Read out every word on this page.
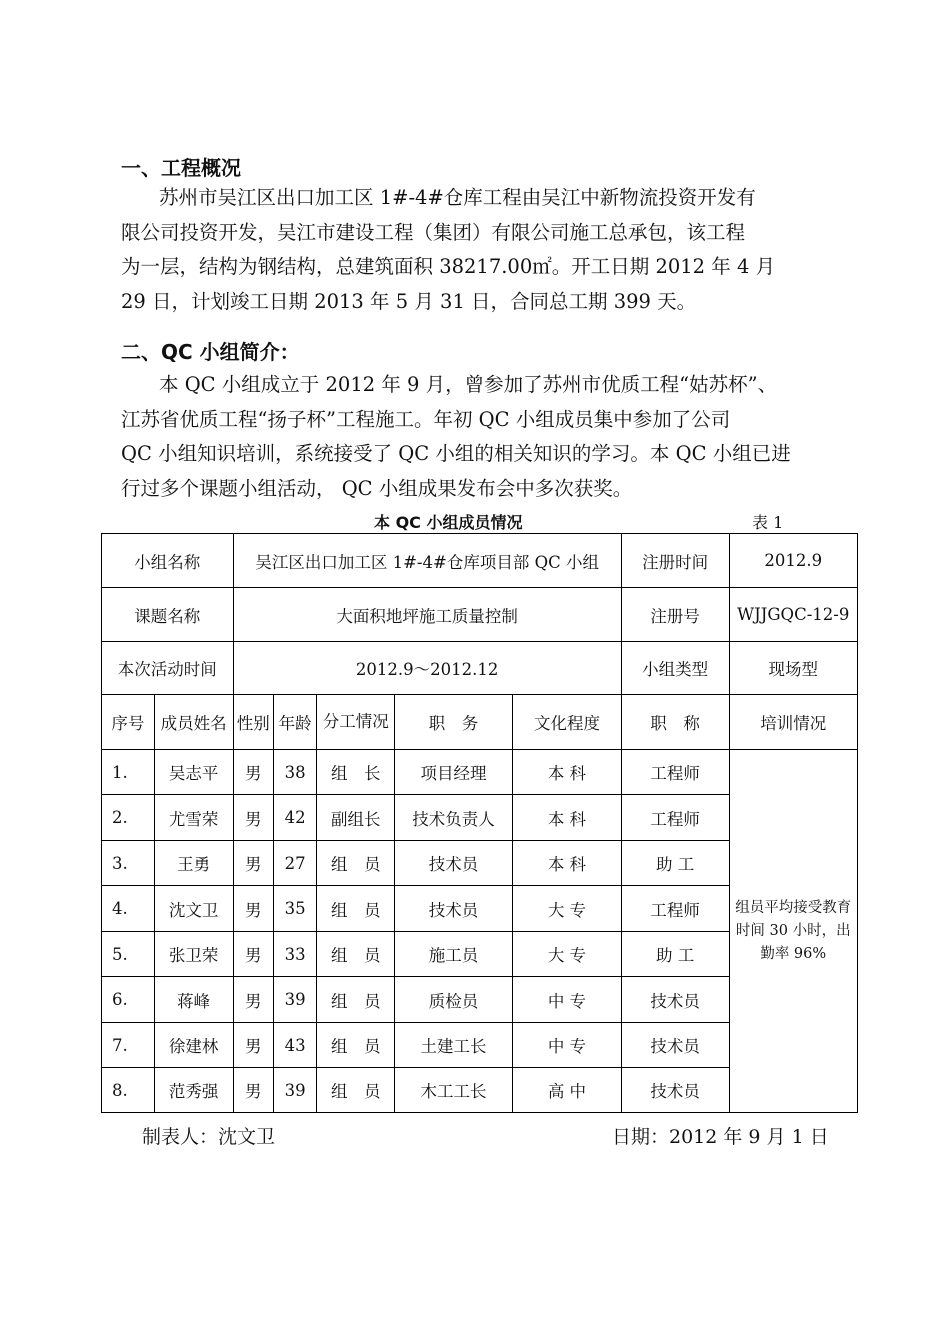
一、工程概况
苏州市吴江区出口加工区 1#-4#仓库工程由吴江中新物流投资开发有
限公司投资开发，吴江市建设工程（集团）有限公司施工总承包，该工程
为一层，结构为钢结构，总建筑面积 38217.00㎡。开工日期 2012 年 4 月
29 日，计划竣工日期 2013 年 5 月 31 日，合同总工期 399 天。
二、QC 小组简介：
本 QC 小组成立于 2012 年 9 月，曾参加了苏州市优质工程“姑苏杯”、
江苏省优质工程“扬子杯”工程施工。年初 QC 小组成员集中参加了公司
QC 小组知识培训，系统接受了 QC 小组的相关知识的学习。本 QC 小组已进
行过多个课题小组活动， QC 小组成果发布会中多次获奖。
本 QC 小组成员情况	表 1
小组名称		吴江区出口加工区 1#-4#仓库项目部 QC 小组					注册时间	2012.9
课题名称		大面积地坪施工质量控制					注册号	WJJGQC-12-9
本次活动时间		2012.9～2012.12					小组类型	现场型
序号	成员姓名	性别	年龄	分工情况	职　务	文化程度	职　称	培训情况
1.	吴志平	男	38	组　长	项目经理	本 科	工程师	组员平均接受教育时间 30 小时，出勤率 96%
2.	尤雪荣	男	42	副组长	技术负责人	本 科	工程师	
3.	王勇	男	27	组　员	技术员	本 科	助 工	
4.	沈文卫	男	35	组　员	技术员	大 专	工程师	
5.	张卫荣	男	33	组　员	施工员	大 专	助 工	
6.	蒋峰	男	39	组　员	质检员	中 专	技术员	
7.	徐建林	男	43	组　员	土建工长	中 专	技术员	
8.	范秀强	男	39	组　员	木工工长	高 中	技术员	
制表人：沈文卫	日期：2012 年 9 月 1 日
